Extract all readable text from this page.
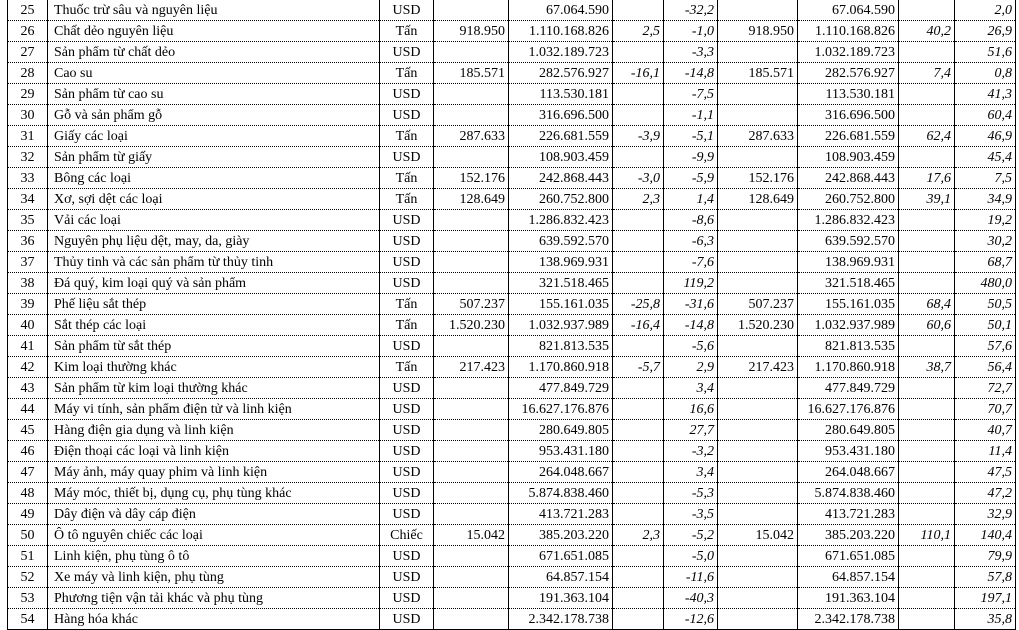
25	Thuốc trừ sâu và nguyên liệu	USD		67.064.590		-32,2		67.064.590		2,0
26	Chất dẻo nguyên liệu	Tấn	918.950	1.110.168.826	2,5	-1,0	918.950	1.110.168.826	40,2	26,9
27	Sản phẩm từ chất dẻo	USD		1.032.189.723		-3,3		1.032.189.723		51,6
28	Cao su	Tấn	185.571	282.576.927	-16,1	-14,8	185.571	282.576.927	7,4	0,8
29	Sản phẩm từ cao su	USD		113.530.181		-7,5		113.530.181		41,3
30	Gỗ và sản phẩm gỗ	USD		316.696.500		-1,1		316.696.500		60,4
31	Giấy các loại	Tấn	287.633	226.681.559	-3,9	-5,1	287.633	226.681.559	62,4	46,9
32	Sản phẩm từ giấy	USD		108.903.459		-9,9		108.903.459		45,4
33	Bông các loại	Tấn	152.176	242.868.443	-3,0	-5,9	152.176	242.868.443	17,6	7,5
34	Xơ, sợi dệt các loại	Tấn	128.649	260.752.800	2,3	1,4	128.649	260.752.800	39,1	34,9
35	Vải các loại	USD		1.286.832.423		-8,6		1.286.832.423		19,2
36	Nguyên phụ liệu dệt, may, da, giày	USD		639.592.570		-6,3		639.592.570		30,2
37	Thủy tinh và các sản phẩm từ thủy tinh	USD		138.969.931		-7,6		138.969.931		68,7
38	Đá quý, kim loại quý và sản phẩm	USD		321.518.465		119,2		321.518.465		480,0
39	Phế liệu sắt thép	Tấn	507.237	155.161.035	-25,8	-31,6	507.237	155.161.035	68,4	50,5
40	Sắt thép các loại	Tấn	1.520.230	1.032.937.989	-16,4	-14,8	1.520.230	1.032.937.989	60,6	50,1
41	Sản phẩm từ sắt thép	USD		821.813.535		-5,6		821.813.535		57,6
42	Kim loại thường khác	Tấn	217.423	1.170.860.918	-5,7	2,9	217.423	1.170.860.918	38,7	56,4
43	Sản phẩm từ kim loại thường khác	USD		477.849.729		3,4		477.849.729		72,7
44	Máy vi tính, sản phẩm điện tử và linh kiện	USD		16.627.176.876		16,6		16.627.176.876		70,7
45	Hàng điện gia dụng và linh kiện	USD		280.649.805		27,7		280.649.805		40,7
46	Điện thoại các loại và linh kiện	USD		953.431.180		-3,2		953.431.180		11,4
47	Máy ảnh, máy quay phim và linh kiện	USD		264.048.667		3,4		264.048.667		47,5
48	Máy móc, thiết bị, dụng cụ, phụ tùng khác	USD		5.874.838.460		-5,3		5.874.838.460		47,2
49	Dây điện và dây cáp điện	USD		413.721.283		-3,5		413.721.283		32,9
50	Ô tô nguyên chiếc các loại	Chiếc	15.042	385.203.220	2,3	-5,2	15.042	385.203.220	110,1	140,4
51	Linh kiện, phụ tùng ô tô	USD		671.651.085		-5,0		671.651.085		79,9
52	Xe máy và linh kiện, phụ tùng	USD		64.857.154		-11,6		64.857.154		57,8
53	Phương tiện vận tải khác và phụ tùng	USD		191.363.104		-40,3		191.363.104		197,1
54	Hàng hóa khác	USD		2.342.178.738		-12,6		2.342.178.738		35,8
